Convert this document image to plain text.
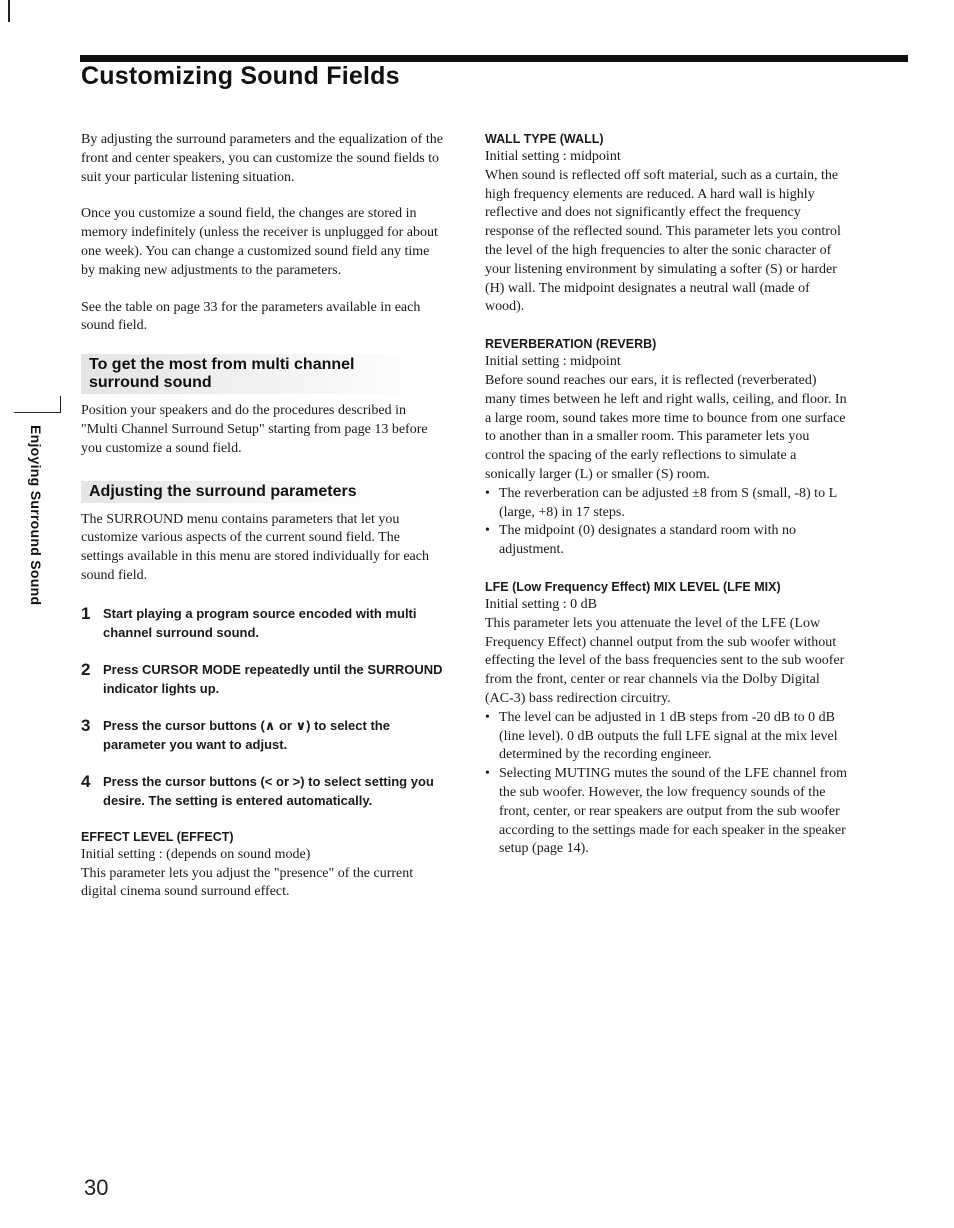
Customizing Sound Fields
Enjoying Surround Sound

By adjusting the surround parameters and the equalization of the front and center speakers, you can customize the sound fields to suit your particular listening situation.

Once you customize a sound field, the changes are stored in memory indefinitely (unless the receiver is unplugged for about one week). You can change a customized sound field any time by making new adjustments to the parameters.

See the table on page 33 for the parameters available in each sound field.

To get the most from multi channel surround sound

Position your speakers and do the procedures described in "Multi Channel Surround Setup" starting from page 13 before you customize a sound field.

Adjusting the surround parameters

The SURROUND menu contains parameters that let you customize various aspects of the current sound field. The settings available in this menu are stored individually for each sound field.

1 Start playing a program source encoded with multi channel surround sound.
2 Press CURSOR MODE repeatedly until the SURROUND indicator lights up.
3 Press the cursor buttons (∧ or ∨) to select the parameter you want to adjust.
4 Press the cursor buttons (< or >) to select setting you desire. The setting is entered automatically.

EFFECT LEVEL (EFFECT)

Initial setting : (depends on sound mode)

This parameter lets you adjust the "presence" of the current digital cinema sound surround effect.

WALL TYPE (WALL)

Initial setting : midpoint

When sound is reflected off soft material, such as a curtain, the high frequency elements are reduced. A hard wall is highly reflective and does not significantly effect the frequency response of the reflected sound. This parameter lets you control the level of the high frequencies to alter the sonic character of your listening environment by simulating a softer (S) or harder (H) wall. The midpoint designates a neutral wall (made of wood).

REVERBERATION (REVERB)

Initial setting : midpoint

Before sound reaches our ears, it is reflected (reverberated) many times between he left and right walls, ceiling, and floor. In a large room, sound takes more time to bounce from one surface to another than in a smaller room. This parameter lets you control the spacing of the early reflections to simulate a sonically larger (L) or smaller (S) room.

• The reverberation can be adjusted ±8 from S (small, -8) to L (large, +8) in 17 steps.
• The midpoint (0) designates a standard room with no adjustment.

LFE (Low Frequency Effect) MIX LEVEL (LFE MIX)

Initial setting : 0 dB

This parameter lets you attenuate the level of the LFE (Low Frequency Effect) channel output from the sub woofer without effecting the level of the bass frequencies sent to the sub woofer from the front, center or rear channels via the Dolby Digital (AC-3) bass redirection circuitry.

• The level can be adjusted in 1 dB steps from -20 dB to 0 dB (line level). 0 dB outputs the full LFE signal at the mix level determined by the recording engineer.
• Selecting MUTING mutes the sound of the LFE channel from the sub woofer. However, the low frequency sounds of the front, center, or rear speakers are output from the sub woofer according to the settings made for each speaker in the speaker setup (page 14).
30
